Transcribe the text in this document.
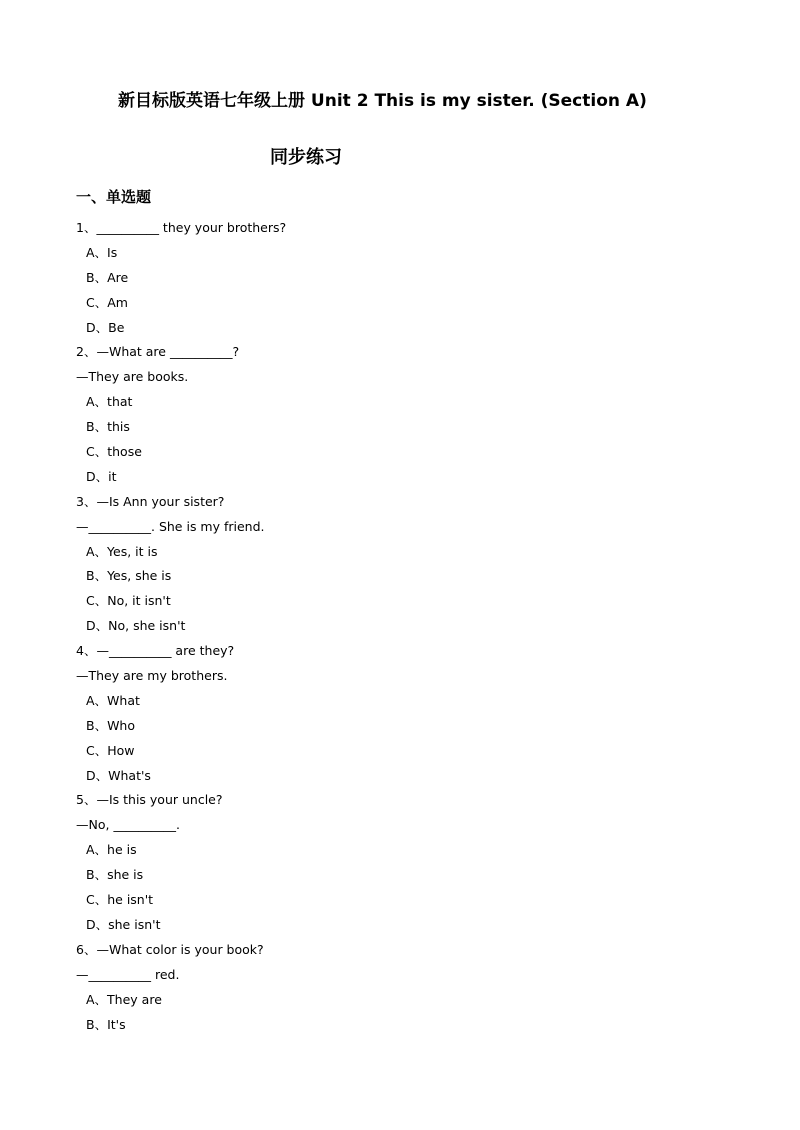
新目标版英语七年级上册 Unit 2 This is my sister. (Section A)
同步练习
一、单选题
1、__________ they your brothers?
A、Is
B、Are
C、Am
D、Be
2、—What are __________?
—They are books.
A、that
B、this
C、those
D、it
3、—Is Ann your sister?
—__________. She is my friend.
A、Yes, it is
B、Yes, she is
C、No, it isn't
D、No, she isn't
4、—__________ are they?
—They are my brothers.
A、What
B、Who
C、How
D、What's
5、—Is this your uncle?
—No, __________.
A、he is
B、she is
C、he isn't
D、she isn't
6、—What color is your book?
—__________ red.
A、They are
B、It's
